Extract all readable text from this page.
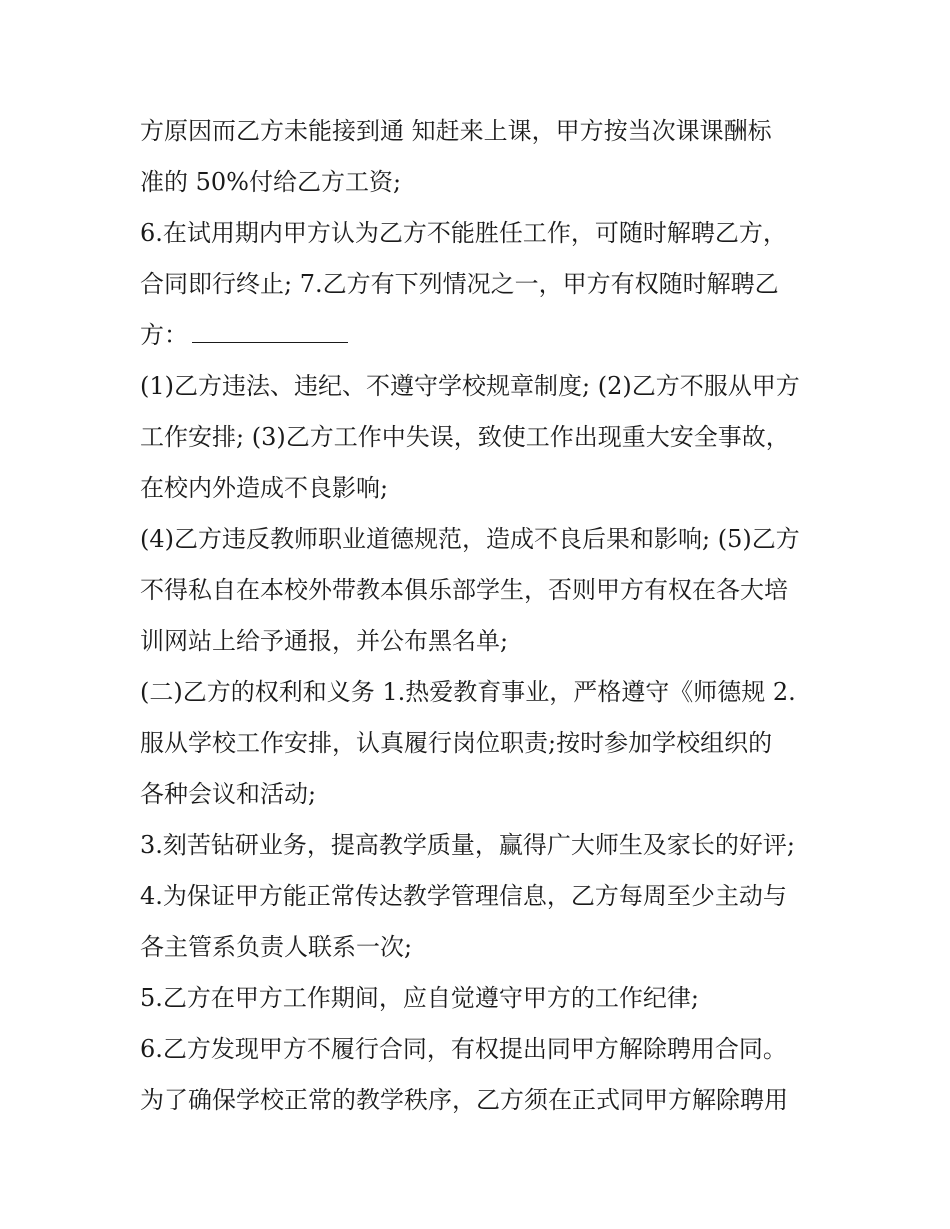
方原因而乙方未能接到通 知赶来上课，甲方按当次课课酬标
准的 50%付给乙方工资;
6.在试用期内甲方认为乙方不能胜任工作，可随时解聘乙方，
合同即行终止; 7.乙方有下列情况之一，甲方有权随时解聘乙
方：
(1)乙方违法、违纪、不遵守学校规章制度; (2)乙方不服从甲方
工作安排; (3)乙方工作中失误，致使工作出现重大安全事故，
在校内外造成不良影响;
(4)乙方违反教师职业道德规范，造成不良后果和影响; (5)乙方
不得私自在本校外带教本俱乐部学生，否则甲方有权在各大培
训网站上给予通报，并公布黑名单;
(二)乙方的权利和义务 1.热爱教育事业，严格遵守《师德规 2.
服从学校工作安排，认真履行岗位职责;按时参加学校组织的
各种会议和活动;
3.刻苦钻研业务，提高教学质量，赢得广大师生及家长的好评;
4.为保证甲方能正常传达教学管理信息，乙方每周至少主动与
各主管系负责人联系一次;
5.乙方在甲方工作期间，应自觉遵守甲方的工作纪律;
6.乙方发现甲方不履行合同，有权提出同甲方解除聘用合同。
为了确保学校正常的教学秩序，乙方须在正式同甲方解除聘用
